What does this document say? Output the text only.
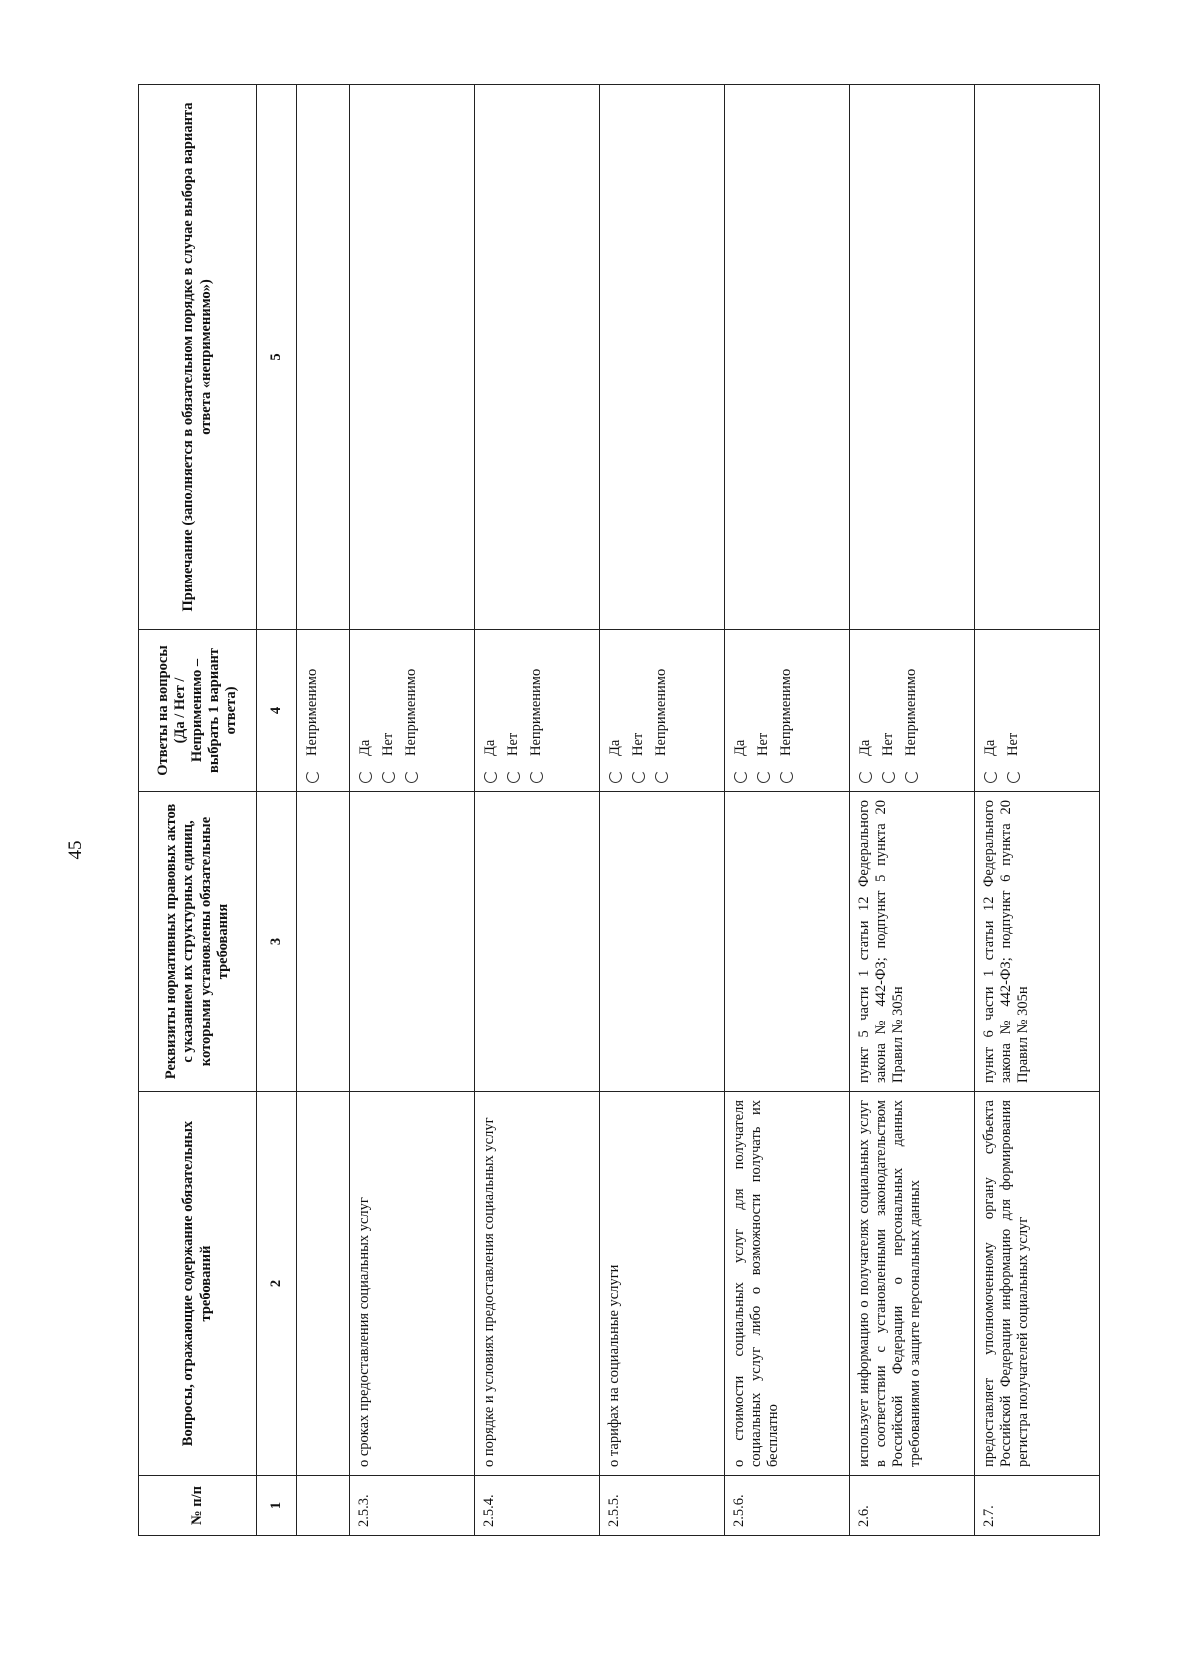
45
№ п/п	Вопросы, отражающие содержание обязательных требований	Реквизиты нормативных правовых актов с указанием их структурных единиц, которыми установлены обязательные требования	Ответы на вопросы (Да / Нет / Неприменимо – выбрать 1 вариант ответа)	Примечание (заполняется в обязательном порядке в случае выбора варианта ответа «неприменимо»)
1	2	3	4	5

			Неприменимо	

2.5.3.	о сроках предоставления социальных услуг		Да Нет Неприменимо	

2.5.4.	о порядке и условиях предоставления социальных услуг		Да Нет Неприменимо	

2.5.5.	о тарифах на социальные услуги		Да Нет Неприменимо	

2.5.6.	о стоимости социальных услуг для получателя социальных услуг либо о возможности получать их бесплатно		Да Нет Неприменимо	

2.6.	использует информацию о получателях социальных услуг в соответствии с установленными законодательством Российской Федерации о персональных данных требованиями о защите персональных данных	пункт 5 части 1 статьи 12 Федерального закона № 442-ФЗ; подпункт 5 пункта 20 Правил № 305н	Да Нет Неприменимо	

2.7.	предоставляет уполномоченному органу субъекта Российской Федерации информацию для формирования регистра получателей социальных услуг	пункт 6 части 1 статьи 12 Федерального закона № 442-ФЗ; подпункт 6 пункта 20 Правил № 305н	Да Нет	
